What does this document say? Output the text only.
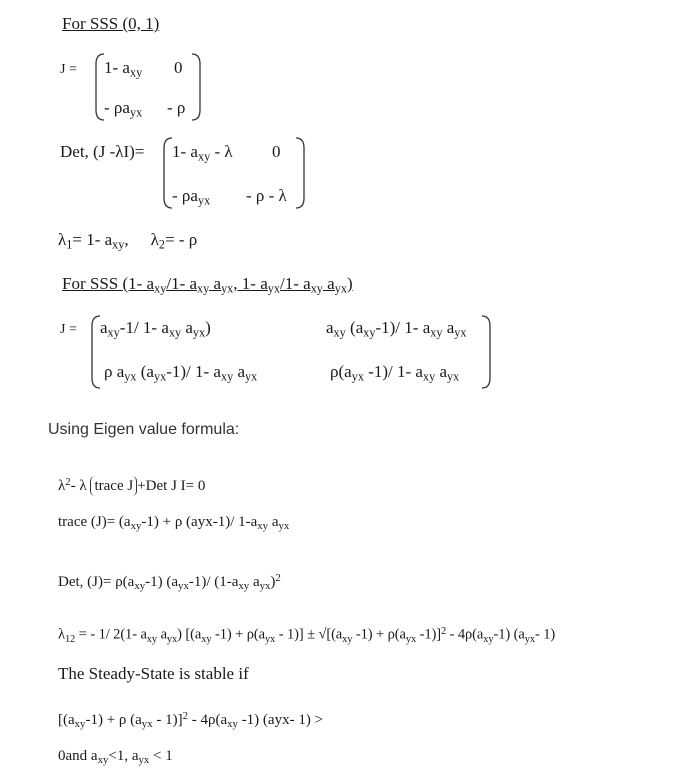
For SSS (0, 1)
J = 1- $a_{xy}$ 0
- $\rho a_{yx}$ - ρ
Det, (J -λI)= 1- $a_{xy}$ - λ 0
- $\rho a_{yx}$ - ρ - λ
$\lambda_1= 1-$ $a_{xy}$, $\lambda_2= - \rho$
For SSS (1- $a_{xy}/1-$ $a_{xy}$ $a_{yx}$, 1- $a_{yx}/1-$ $a_{xy}$ $a_{yx}$)
$J = a_{xy}-1/$ 1- $a_{xy}$ $a_{yx}$)	$a_{xy}$ $(a_{xy}-1)/$ 1- $a_{xy}$ $a_{yx}$
ρ $a_{yx}$ $(a_{yx}-1)/$ 1- $a_{xy}$ $a_{yx}$	$\rho(a_{yx}$ -1)/ 1- $a_{xy}$ $a_{yx}$
Using Eigen value formula:
$\lambda^2-$ λ trace J +Det J I= 0
trace $(J)= (a_{xy}-1) + \rho$ (ayx-1)/ $1-a_{xy}$ $a_{yx}$
Det, $(J)= \rho(a_{xy}-1)$ $(a_{yx}-1)/$ ($1-a_{xy}$ $a_{yx})^2$
$\lambda_{12}$ = - 1/ 2(1- $a_{xy}$ $a_{yx}$) [($a_{xy}$ $-1) + \rho(a_{yx} - 1)] \pm √[(a_{xy}$ $-1) + \rho(a_{yx}$ $-1)]^2 - 4\rho(a_{xy}-1)$ ($a_{yx}-$ 1)
The Steady-State is stable if
[$(a_{xy}-1) + \rho$ $(a_{yx} - 1)]^2 - 4\rho(a_{xy}$ -1) (ayx- 1) >
0and $a_{xy}<1$, $a_{yx} < 1$
